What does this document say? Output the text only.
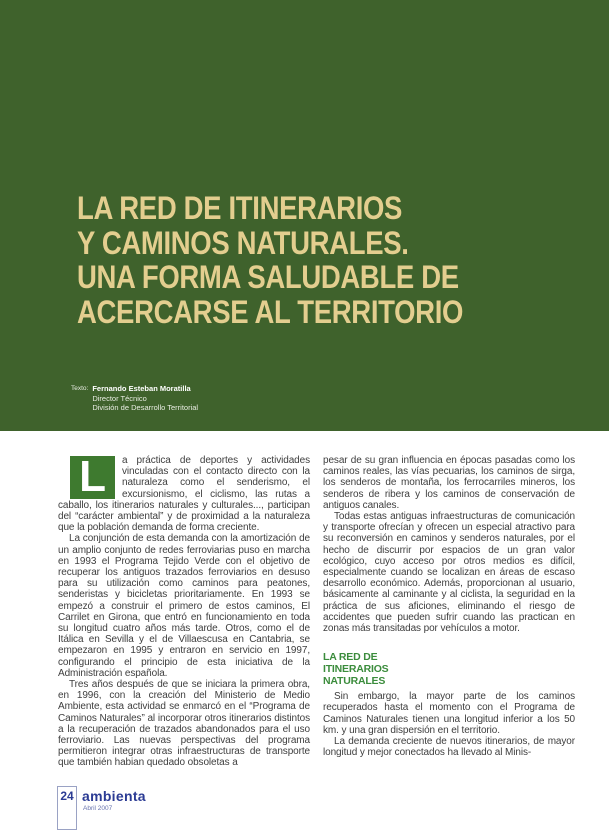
LA RED DE ITINERARIOS
Y CAMINOS NATURALES.
UNA FORMA SALUDABLE DE
ACERCARSE AL TERRITORIO
Texto: Fernando Esteban Moratilla
Director Técnico
División de Desarrollo Territorial

L	a práctica de deportes y actividades vinculadas con el contacto directo con la naturaleza como el senderismo, el excursionismo, el ciclismo, las rutas a caballo, los itinerarios naturales y culturales..., participan del “carácter ambiental” y de proximidad a la naturaleza que la población demanda de forma creciente.

La conjunción de esta demanda con la amortización de un amplio conjunto de redes ferroviarias puso en marcha en 1993 el Programa Tejido Verde con el objetivo de recuperar los antiguos trazados ferroviarios en desuso para su utilización como caminos para peatones, senderistas y bicicletas prioritariamente. En 1993 se empezó a construir el primero de estos caminos, El Carrilet en Girona, que entró en funcionamiento en toda su longitud cuatro años más tarde. Otros, como el de Itálica en Sevilla y el de Villaescusa en Cantabria, se empezaron en 1995 y entraron en servicio en 1997, configurando el principio de esta iniciativa de la Administración española.

Tres años después de que se iniciara la primera obra, en 1996, con la creación del Ministerio de Medio Ambiente, esta actividad se enmarcó en el “Programa de Caminos Naturales” al incorporar otros itinerarios distintos a la recuperación de trazados abandonados para el uso ferroviario. Las nuevas perspectivas del programa permitieron integrar otras infraestructuras de transporte que también habian quedado obsoletas a

pesar de su gran influencia en épocas pasadas como los caminos reales, las vías pecuarias, los caminos de sirga, los senderos de montaña, los ferrocarriles mineros, los senderos de ribera y los caminos de conservación de antiguos canales.

Todas estas antiguas infraestructuras de comunicación y transporte ofrecían y ofrecen un especial atractivo para su reconversión en caminos y senderos naturales, por el hecho de discurrir por espacios de un gran valor ecológico, cuyo acceso por otros medios es difícil, especialmente cuando se localizan en áreas de escaso desarrollo económico. Además, proporcionan al usuario, básicamente al caminante y al ciclista, la seguridad en la práctica de sus aficiones, eliminando el riesgo de accidentes que pueden sufrir cuando las practican en zonas más transitadas por vehículos a motor.

LA RED DE
ITINERARIOS
NATURALES

Sin embargo, la mayor parte de los caminos recuperados hasta el momento con el Programa de Caminos Naturales tienen una longitud inferior a los 50 km. y una gran dispersión en el territorio.

La demanda creciente de nuevos itinerarios, de mayor longitud y mejor conectados ha llevado al Minis-

24 ambienta
Abril 2007
